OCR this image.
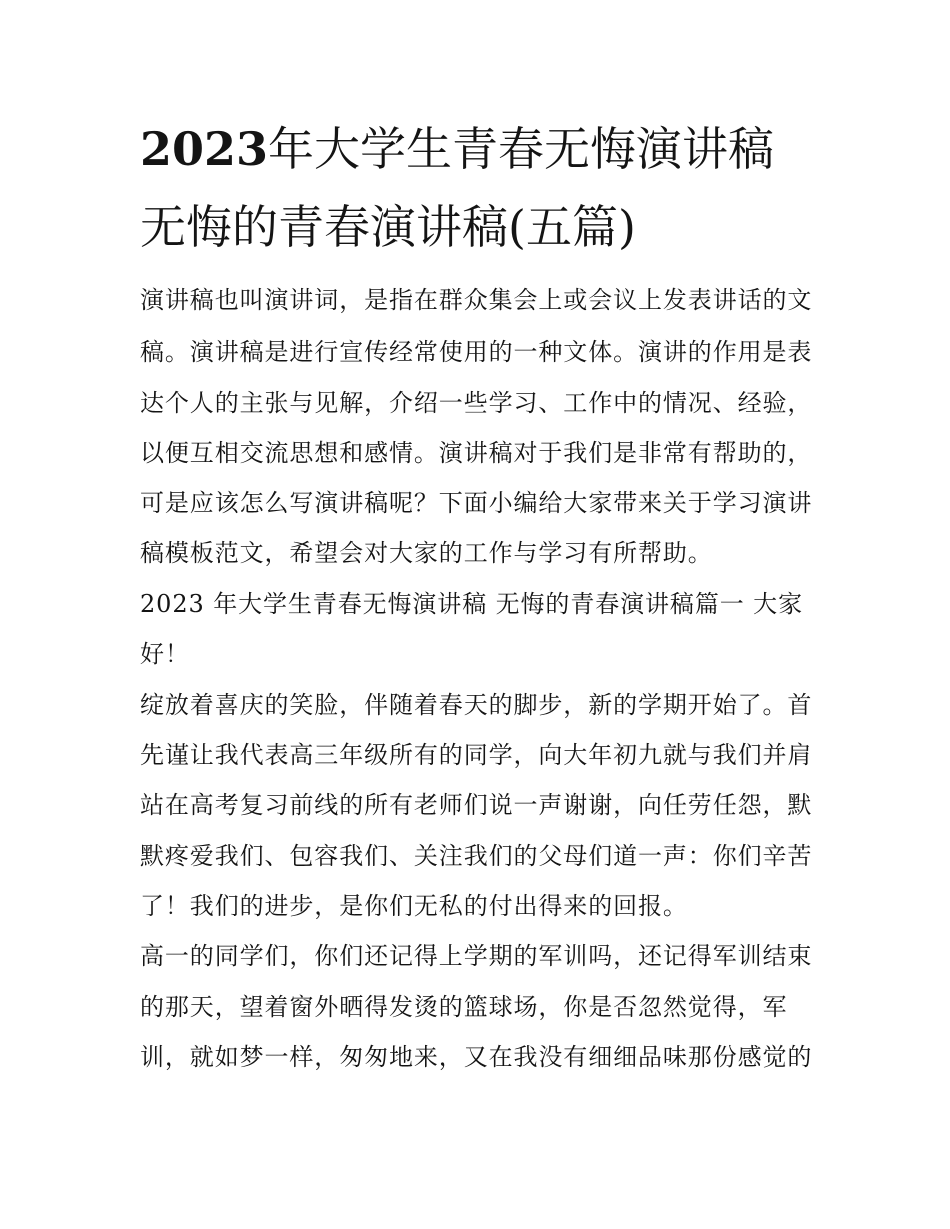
2023年大学生青春无悔演讲稿
无悔的青春演讲稿(五篇)
演讲稿也叫演讲词，是指在群众集会上或会议上发表讲话的文
稿。演讲稿是进行宣传经常使用的一种文体。演讲的作用是表
达个人的主张与见解，介绍一些学习、工作中的情况、经验，
以便互相交流思想和感情。演讲稿对于我们是非常有帮助的，
可是应该怎么写演讲稿呢？下面小编给大家带来关于学习演讲
稿模板范文，希望会对大家的工作与学习有所帮助。
2023 年大学生青春无悔演讲稿 无悔的青春演讲稿篇一 大家
好！
绽放着喜庆的笑脸，伴随着春天的脚步，新的学期开始了。首
先谨让我代表高三年级所有的同学，向大年初九就与我们并肩
站在高考复习前线的所有老师们说一声谢谢，向任劳任怨，默
默疼爱我们、包容我们、关注我们的父母们道一声：你们辛苦
了！我们的进步，是你们无私的付出得来的回报。
高一的同学们，你们还记得上学期的军训吗，还记得军训结束
的那天，望着窗外晒得发烫的篮球场，你是否忽然觉得，军
训，就如梦一样，匆匆地来，又在我没有细细品味那份感觉的
